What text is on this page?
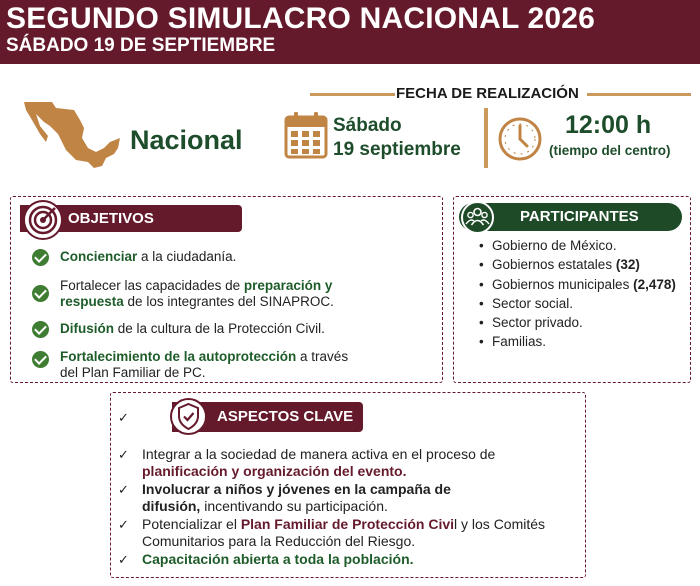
SEGUNDO SIMULACRO NACIONAL 2026
SÁBADO 19 DE SEPTIEMBRE
Nacional
FECHA DE REALIZACIÓN
Sábado
19 septiembre
12:00 h
(tiempo del centro)
OBJETIVOS
Concienciar a la ciudadanía.
Fortalecer las capacidades de preparación y respuesta de los integrantes del SINAPROC.
Difusión de la cultura de la Protección Civil.
Fortalecimiento de la autoprotección a través del Plan Familiar de PC.
PARTICIPANTES
• Gobierno de México.
• Gobiernos estatales (32)
• Gobiernos municipales (2,478)
• Sector social.
• Sector privado.
• Familias.
✓	ASPECTOS CLAVE
✓ Integrar a la sociedad de manera activa en el proceso de planificación y organización del evento.
✓ Involucrar a niños y jóvenes en la campaña de difusión, incentivando su participación.
✓ Potencializar el Plan Familiar de Protección Civil y los Comités Comunitarios para la Reducción del Riesgo.
✓ Capacitación abierta a toda la población.
